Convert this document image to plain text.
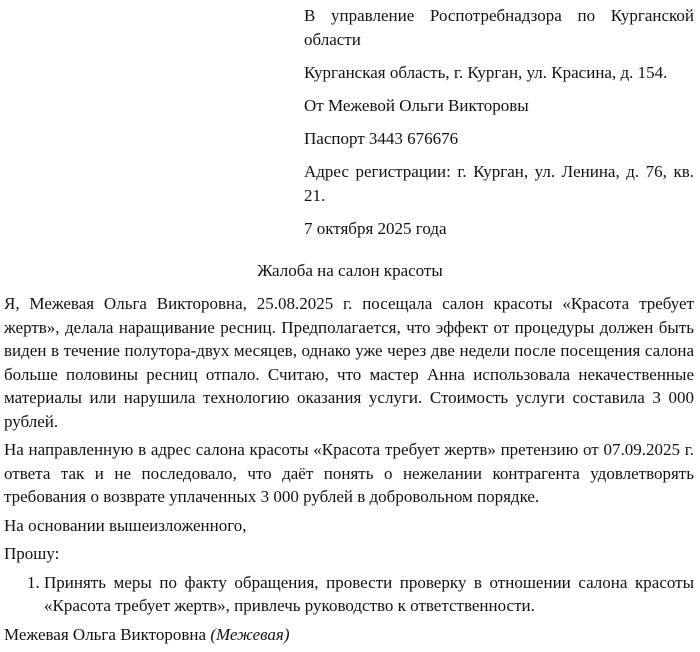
В управление Роспотребнадзора по Курганской области

Курганская область, г. Курган, ул. Красина, д. 154.

От Межевой Ольги Викторовы

Паспорт 3443 676676

Адрес регистрации: г. Курган, ул. Ленина, д. 76, кв. 21.

7 октября 2025 года

Жалоба на салон красоты

Я, Межевая Ольга Викторовна, 25.08.2025 г. посещала салон красоты «Красота требует жертв», делала наращивание ресниц. Предполагается, что эффект от процедуры должен быть виден в течение полутора-двух месяцев, однако уже через две недели после посещения салона больше половины ресниц отпало. Считаю, что мастер Анна использовала некачественные материалы или нарушила технологию оказания услуги. Стоимость услуги составила 3 000 рублей.

На направленную в адрес салона красоты «Красота требует жертв» претензию от 07.09.2025 г. ответа так и не последовало, что даёт понять о нежелании контрагента удовлетворять требования о возврате уплаченных 3 000 рублей в добровольном порядке.

На основании вышеизложенного,

Прошу:

1. Принять меры по факту обращения, провести проверку в отношении салона красоты «Красота требует жертв», привлечь руководство к ответственности.

Межевая Ольга Викторовна (Межевая)
